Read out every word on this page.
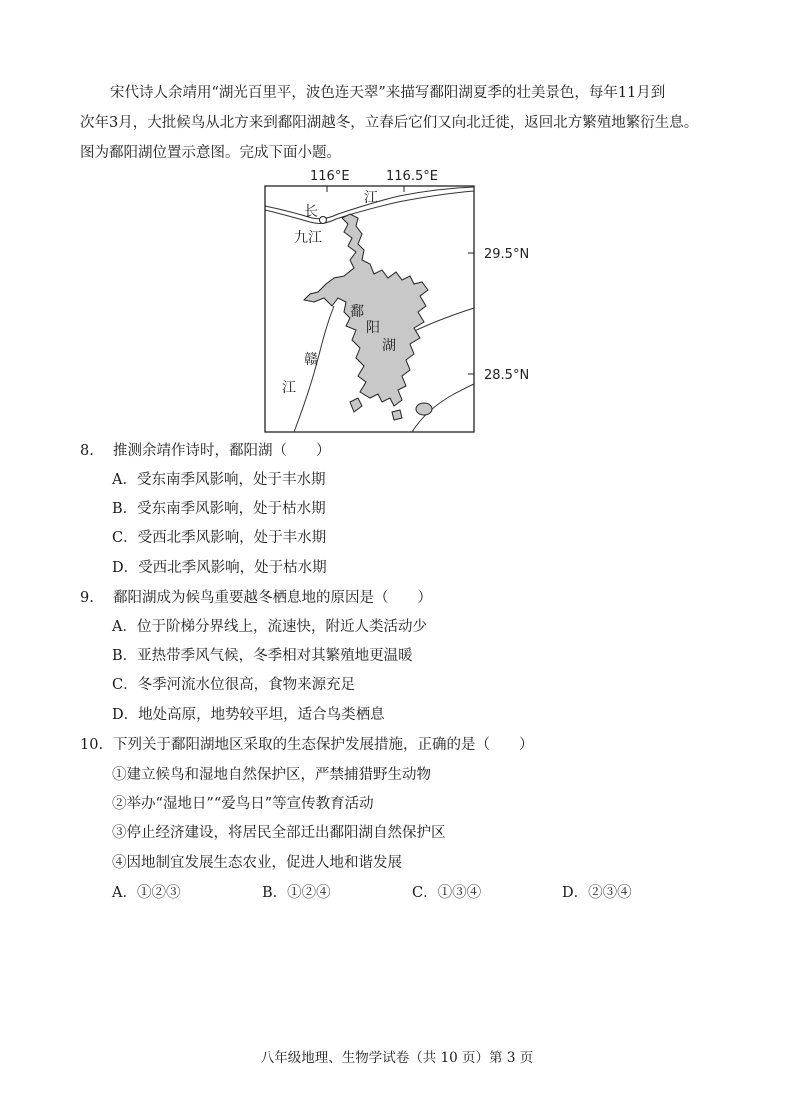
宋代诗人余靖用“湖光百里平，波色连天翠”来描写鄱阳湖夏季的壮美景色，每年11月到

次年3月，大批候鸟从北方来到鄱阳湖越冬，立春后它们又向北迁徙，返回北方繁殖地繁衍生息。

图为鄱阳湖位置示意图。完成下面小题。

116°E	116.5°E
29.5°N
28.5°N
长
江
九江
鄱
阳
湖
赣
江
8. 推测余靖作诗时，鄱阳湖（　　）
A．受东南季风影响，处于丰水期
B．受东南季风影响，处于枯水期
C．受西北季风影响，处于丰水期
D．受西北季风影响，处于枯水期
9. 鄱阳湖成为候鸟重要越冬栖息地的原因是（　　）
A．位于阶梯分界线上，流速快，附近人类活动少
B．亚热带季风气候，冬季相对其繁殖地更温暖
C．冬季河流水位很高，食物来源充足
D．地处高原，地势较平坦，适合鸟类栖息
10. 下列关于鄱阳湖地区采取的生态保护发展措施，正确的是（　　）
①建立候鸟和湿地自然保护区，严禁捕猎野生动物
②举办“湿地日”“爱鸟日”等宣传教育活动
③停止经济建设，将居民全部迁出鄱阳湖自然保护区
④因地制宜发展生态农业，促进人地和谐发展
A．①②③	B．①②④	C．①③④	D．②③④
八年级地理、生物学试卷（共 10 页）第 3 页
